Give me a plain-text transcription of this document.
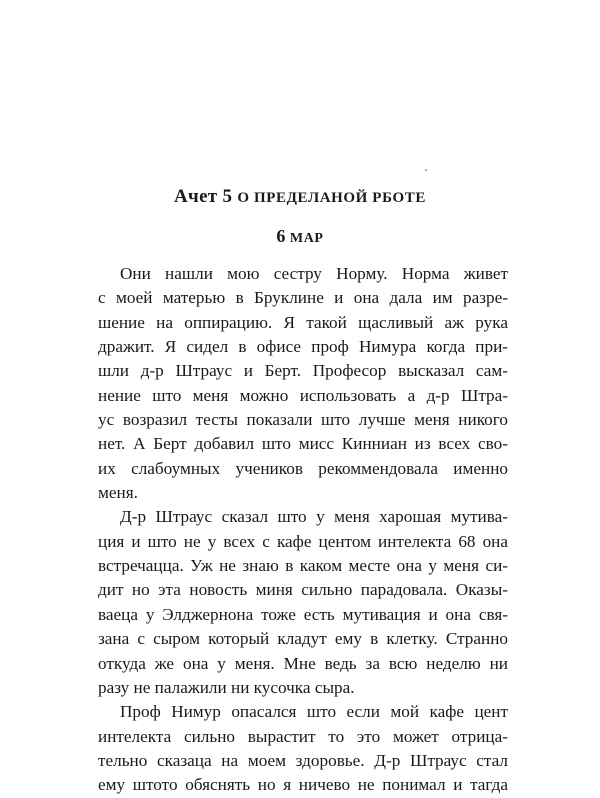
Ачет 5 О ПРЕДЕЛАНОЙ РБОТЕ
6 МАР
Они нашли мою сестру Норму. Норма живет
с моей матерью в Бруклине и она дала им разре-
шение на оппирацию. Я такой щасливый аж рука
дражит. Я сидел в офисе проф Нимура когда при-
шли д-р Штраус и Берт. Професор высказал сам-
нение што меня можно использовать а д-р Штра-
ус возразил тесты показали што лучше меня никого
нет. А Берт добавил што мисс Кинниан из всех сво-
их слабоумных учеников рекоммендовала именно
меня.
Д-р Штраус сказал што у меня харошая мутива-
ция и што не у всех с кафе центом интелекта 68 она
встречацца. Уж не знаю в каком месте она у меня си-
дит но эта новость миня сильно парадовала. Оказы-
ваеца у Элджернона тоже есть мутивация и она свя-
зана с сыром который кладут ему в клетку. Странно
откуда же она у меня. Мне ведь за всю неделю ни
разу не палажили ни кусочка сыра.
Проф Нимур опасался што если мой кафе цент
интелекта сильно вырастит то это может отрица-
тельно сказаца на моем здоровье. Д-р Штраус стал
ему штото обяснять но я ничево не понимал и тагда
